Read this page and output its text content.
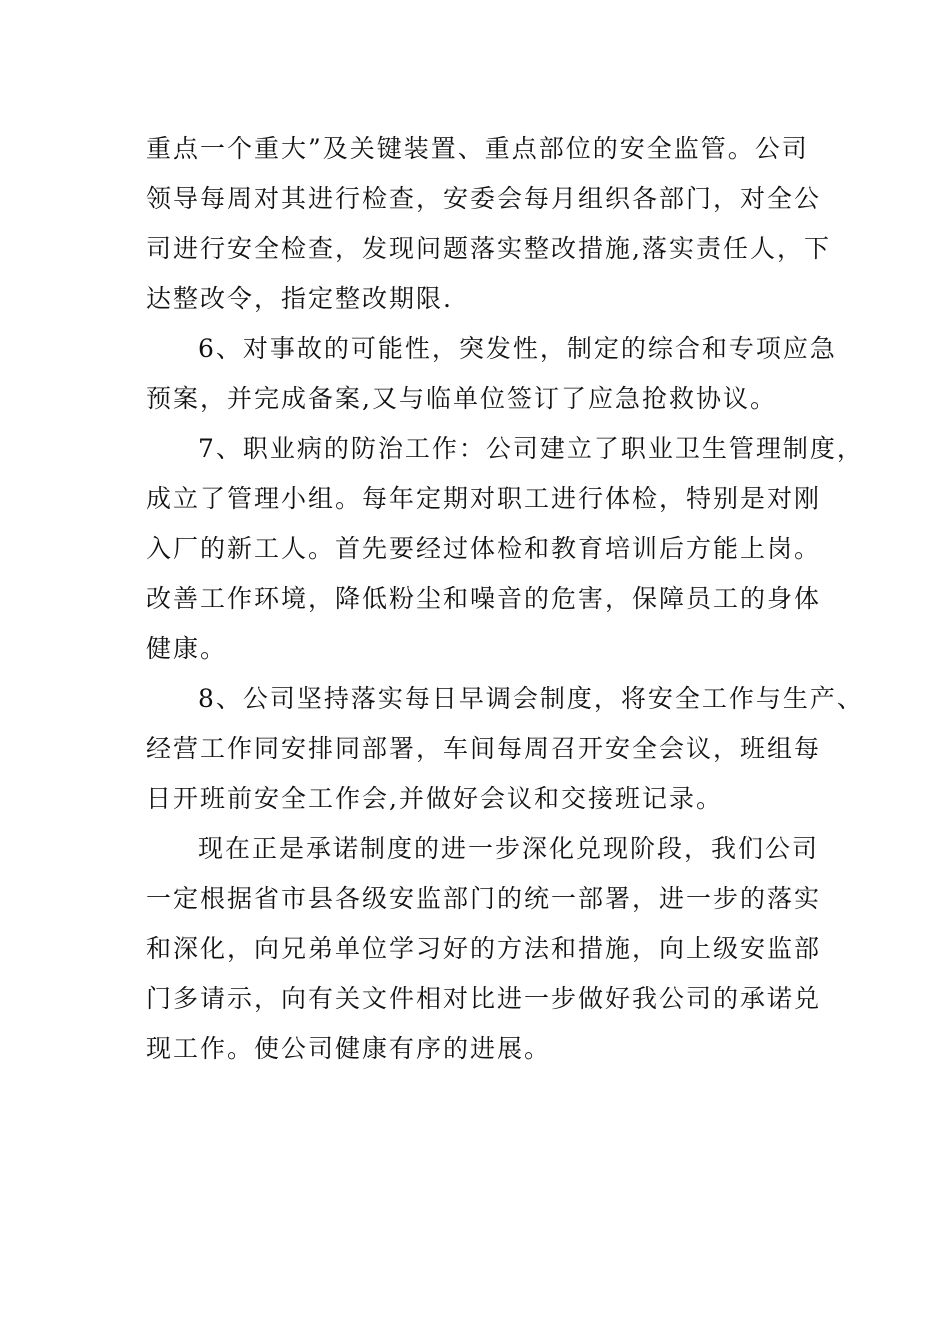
重点一个重大”及关键装置、重点部位的安全监管。公司
领导每周对其进行检查，安委会每月组织各部门，对全公
司进行安全检查，发现问题落实整改措施,落实责任人，下
达整改令，指定整改期限.
6、对事故的可能性，突发性，制定的综合和专项应急
预案，并完成备案,又与临单位签订了应急抢救协议。
7、职业病的防治工作：公司建立了职业卫生管理制度，
成立了管理小组。每年定期对职工进行体检，特别是对刚
入厂的新工人。首先要经过体检和教育培训后方能上岗。
改善工作环境，降低粉尘和噪音的危害，保障员工的身体
健康。
8、公司坚持落实每日早调会制度，将安全工作与生产、
经营工作同安排同部署，车间每周召开安全会议，班组每
日开班前安全工作会,并做好会议和交接班记录。
现在正是承诺制度的进一步深化兑现阶段，我们公司
一定根据省市县各级安监部门的统一部署，进一步的落实
和深化，向兄弟单位学习好的方法和措施，向上级安监部
门多请示，向有关文件相对比进一步做好我公司的承诺兑
现工作。使公司健康有序的进展。
